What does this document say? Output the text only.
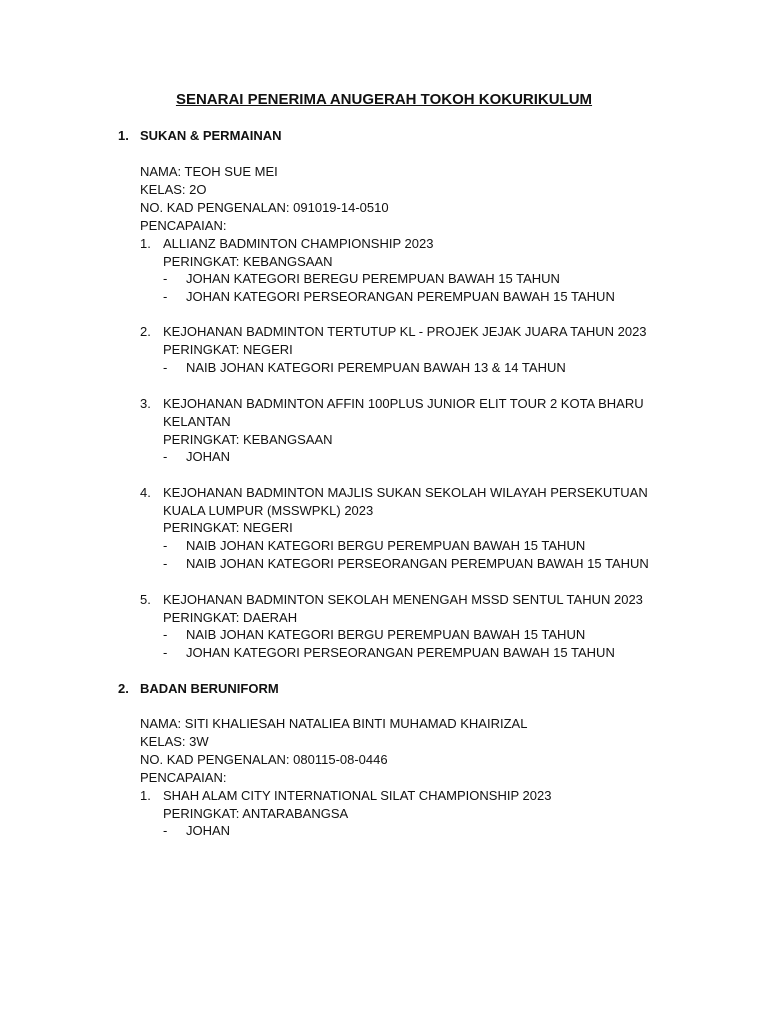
SENARAI PENERIMA ANUGERAH TOKOH KOKURIKULUM
1. SUKAN & PERMAINAN
NAMA: TEOH SUE MEI
KELAS: 2O
NO. KAD PENGENALAN: 091019-14-0510
PENCAPAIAN:
1. ALLIANZ BADMINTON CHAMPIONSHIP 2023
PERINGKAT: KEBANGSAAN
- JOHAN KATEGORI BEREGU PEREMPUAN BAWAH 15 TAHUN
- JOHAN KATEGORI PERSEORANGAN PEREMPUAN BAWAH 15 TAHUN
2. KEJOHANAN BADMINTON TERTUTUP KL - PROJEK JEJAK JUARA TAHUN 2023
PERINGKAT: NEGERI
- NAIB JOHAN KATEGORI PEREMPUAN BAWAH 13 & 14 TAHUN
3. KEJOHANAN BADMINTON AFFIN 100PLUS JUNIOR ELIT TOUR 2 KOTA BHARU
KELANTAN
PERINGKAT: KEBANGSAAN
- JOHAN
4. KEJOHANAN BADMINTON MAJLIS SUKAN SEKOLAH WILAYAH PERSEKUTUAN
KUALA LUMPUR (MSSWPKL) 2023
PERINGKAT: NEGERI
- NAIB JOHAN KATEGORI BERGU PEREMPUAN BAWAH 15 TAHUN
- NAIB JOHAN KATEGORI PERSEORANGAN PEREMPUAN BAWAH 15 TAHUN
5. KEJOHANAN BADMINTON SEKOLAH MENENGAH MSSD SENTUL TAHUN 2023
PERINGKAT: DAERAH
- NAIB JOHAN KATEGORI BERGU PEREMPUAN BAWAH 15 TAHUN
- JOHAN KATEGORI PERSEORANGAN PEREMPUAN BAWAH 15 TAHUN
2. BADAN BERUNIFORM
NAMA: SITI KHALIESAH NATALIEA BINTI MUHAMAD KHAIRIZAL
KELAS: 3W
NO. KAD PENGENALAN: 080115-08-0446
PENCAPAIAN:
1. SHAH ALAM CITY INTERNATIONAL SILAT CHAMPIONSHIP 2023
PERINGKAT: ANTARABANGSA
- JOHAN
